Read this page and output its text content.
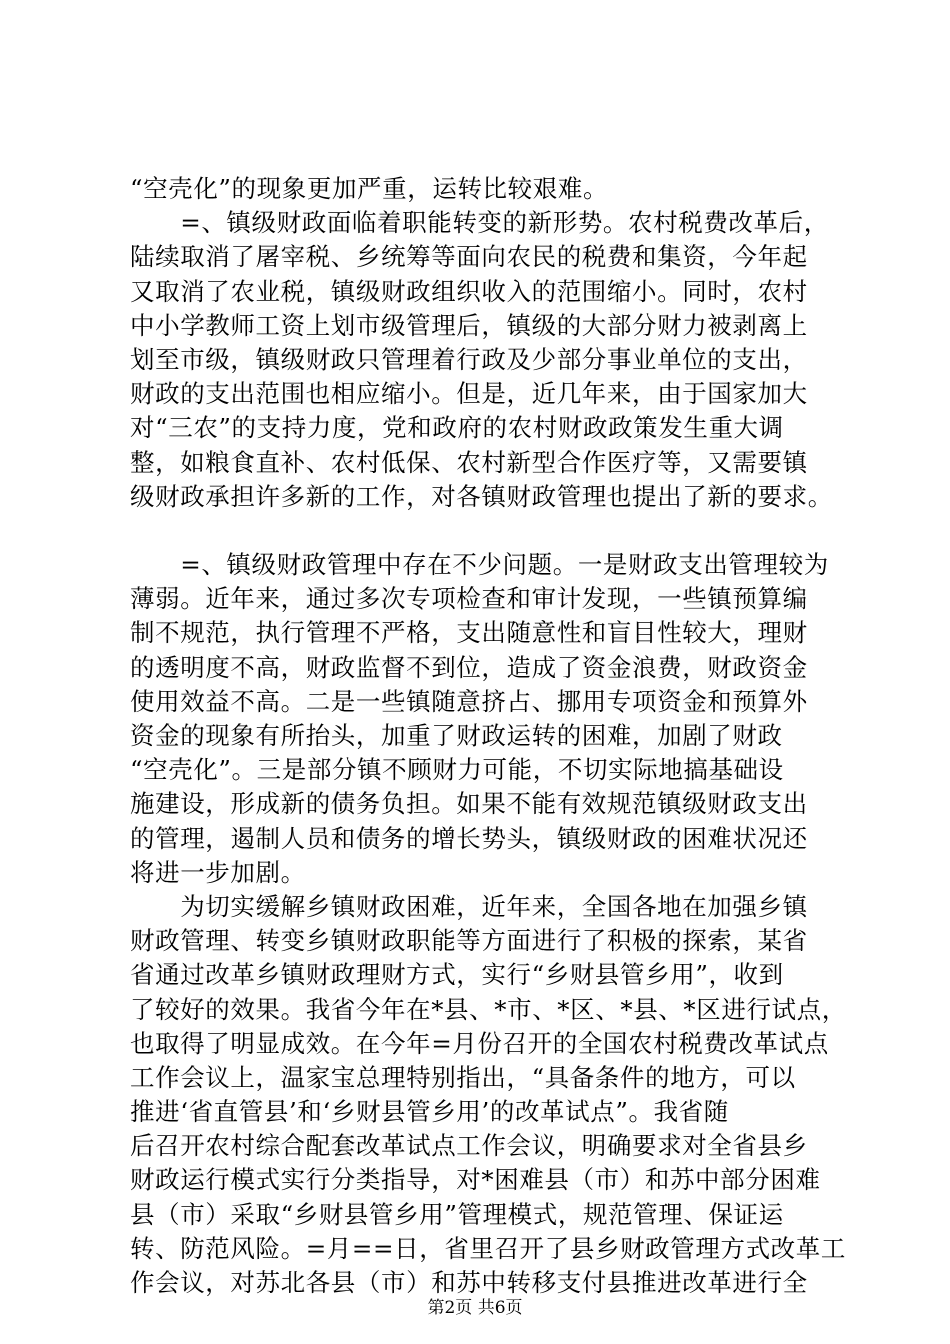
“空壳化”的现象更加严重，运转比较艰难。
　　=、镇级财政面临着职能转变的新形势。农村税费改革后，
陆续取消了屠宰税、乡统筹等面向农民的税费和集资，今年起
又取消了农业税，镇级财政组织收入的范围缩小。同时，农村
中小学教师工资上划市级管理后，镇级的大部分财力被剥离上
划至市级，镇级财政只管理着行政及少部分事业单位的支出，
财政的支出范围也相应缩小。但是，近几年来，由于国家加大
对“三农”的支持力度，党和政府的农村财政政策发生重大调
整，如粮食直补、农村低保、农村新型合作医疗等，又需要镇
级财政承担许多新的工作，对各镇财政管理也提出了新的要求。
　　=、镇级财政管理中存在不少问题。一是财政支出管理较为
薄弱。近年来，通过多次专项检查和审计发现，一些镇预算编
制不规范，执行管理不严格，支出随意性和盲目性较大，理财
的透明度不高，财政监督不到位，造成了资金浪费，财政资金
使用效益不高。二是一些镇随意挤占、挪用专项资金和预算外
资金的现象有所抬头，加重了财政运转的困难，加剧了财政
“空壳化”。三是部分镇不顾财力可能，不切实际地搞基础设
施建设，形成新的债务负担。如果不能有效规范镇级财政支出
的管理，遏制人员和债务的增长势头，镇级财政的困难状况还
将进一步加剧。
　　为切实缓解乡镇财政困难，近年来，全国各地在加强乡镇
财政管理、转变乡镇财政职能等方面进行了积极的探索，某省
省通过改革乡镇财政理财方式，实行“乡财县管乡用”，收到
了较好的效果。我省今年在*县、*市、*区、*县、*区进行试点，
也取得了明显成效。在今年=月份召开的全国农村税费改革试点
工作会议上，温家宝总理特别指出，“具备条件的地方，可以
推进‘省直管县’和‘乡财县管乡用’的改革试点”。我省随
后召开农村综合配套改革试点工作会议，明确要求对全省县乡
财政运行模式实行分类指导，对*困难县（市）和苏中部分困难
县（市）采取“乡财县管乡用”管理模式，规范管理、保证运
转、防范风险。=月==日，省里召开了县乡财政管理方式改革工
作会议，对苏北各县（市）和苏中转移支付县推进改革进行全
第2页 共6页
